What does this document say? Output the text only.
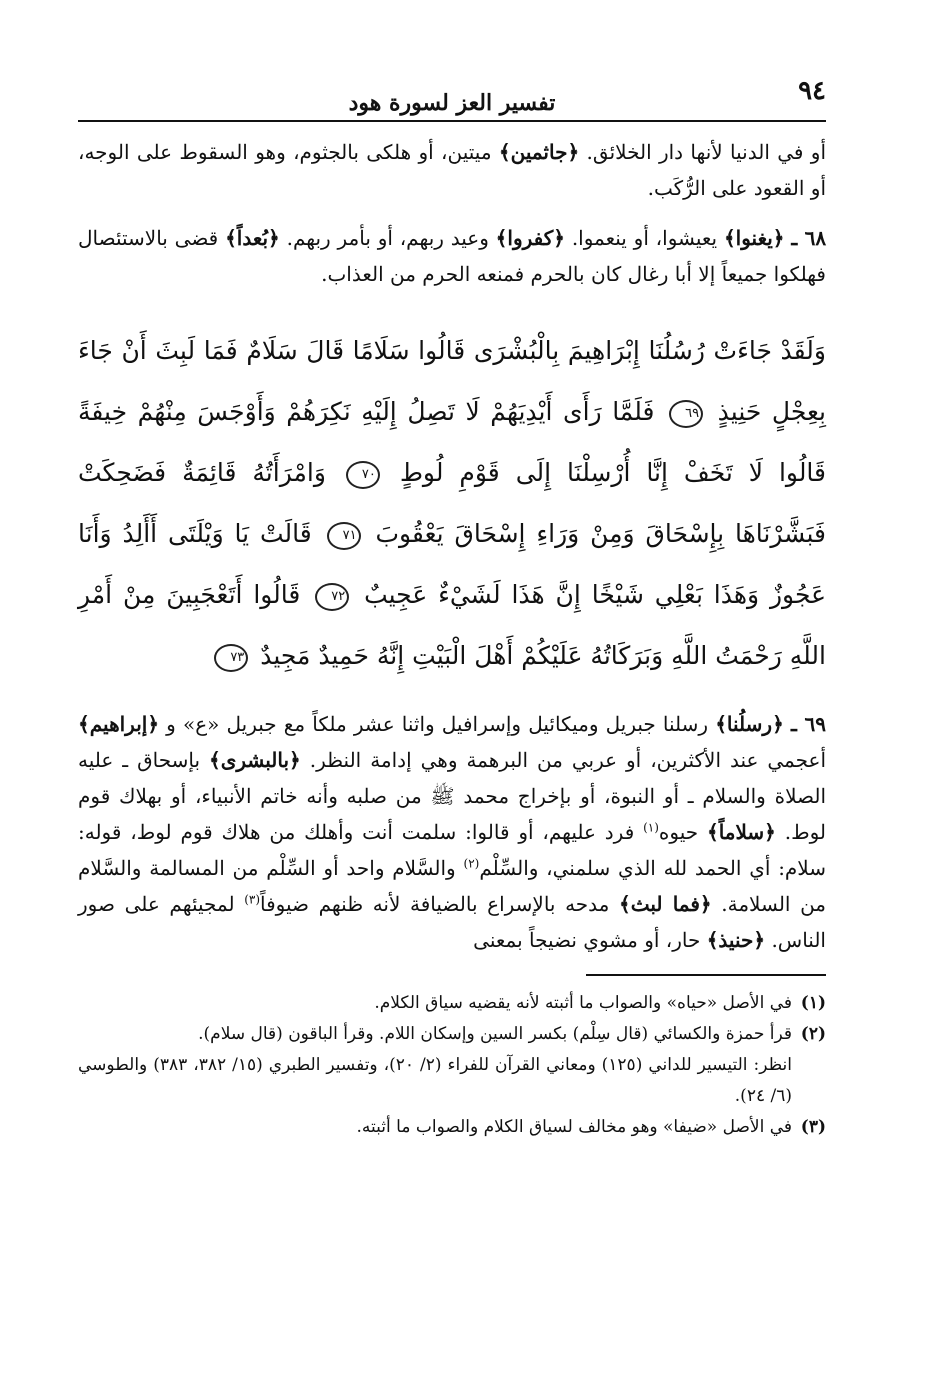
٩٤
تفسير العز لسورة هود

أو في الدنيا لأنها دار الخلائق. ﴿جاثمين﴾ ميتين، أو هلكى بالجثوم، وهو السقوط على الوجه، أو القعود على الرُّكَب.

٦٨ ـ ﴿يغنوا﴾ يعيشوا، أو ينعموا. ﴿كفروا﴾ وعيد ربهم، أو بأمر ربهم. ﴿بُعداً﴾ قضى بالاستئصال فهلكوا جميعاً إلا أبا رغال كان بالحرم فمنعه الحرم من العذاب.

وَلَقَدْ جَاءَتْ رُسُلُنَا إِبْرَاهِيمَ بِالْبُشْرَى قَالُوا سَلَامًا قَالَ سَلَامٌ فَمَا لَبِثَ أَنْ جَاءَ بِعِجْلٍ حَنِيذٍ ٦٩ فَلَمَّا رَأَى أَيْدِيَهُمْ لَا تَصِلُ إِلَيْهِ نَكِرَهُمْ وَأَوْجَسَ مِنْهُمْ خِيفَةً قَالُوا لَا تَخَفْ إِنَّا أُرْسِلْنَا إِلَى قَوْمِ لُوطٍ ٧٠ وَامْرَأَتُهُ قَائِمَةٌ فَضَحِكَتْ فَبَشَّرْنَاهَا بِإِسْحَاقَ وَمِنْ وَرَاءِ إِسْحَاقَ يَعْقُوبَ ٧١ قَالَتْ يَا وَيْلَتَى أَأَلِدُ وَأَنَا عَجُوزٌ وَهَذَا بَعْلِي شَيْخًا إِنَّ هَذَا لَشَيْءٌ عَجِيبٌ ٧٢ قَالُوا أَتَعْجَبِينَ مِنْ أَمْرِ اللَّهِ رَحْمَتُ اللَّهِ وَبَرَكَاتُهُ عَلَيْكُمْ أَهْلَ الْبَيْتِ إِنَّهُ حَمِيدٌ مَجِيدٌ ٧٣

٦٩ ـ ﴿رسلُنا﴾ رسلنا جبريل وميكائيل وإسرافيل واثنا عشر ملكاً مع جبريل «ع» و ﴿إبراهيم﴾ أعجمي عند الأكثرين، أو عربي من البرهمة وهي إدامة النظر. ﴿بالبشرى﴾ بإسحاق ـ عليه الصلاة والسلام ـ أو النبوة، أو بإخراج محمد ﷺ من صلبه وأنه خاتم الأنبياء، أو بهلاك قوم لوط. ﴿سلاماً﴾ حيوه$^{(١)}$ فرد عليهم، أو قالوا: سلمت أنت وأهلك من هلاك قوم لوط، قوله: سلام: أي الحمد لله الذي سلمني، والسِّلْم$^{(٢)}$ والسَّلام واحد أو السِّلْم من المسالمة والسَّلام من السلامة. ﴿فما لبث﴾ مدحه بالإسراع بالضيافة لأنه ظنهم ضيوفاً$^{(٣)}$ لمجيئهم على صور الناس. ﴿حنيذ﴾ حار، أو مشوي نضيجاً بمعنى

(١)في الأصل «حياه» والصواب ما أثبته لأنه يقضيه سياق الكلام.

(٢)قرأ حمزة والكسائي (قال سِلْم) بكسر السين وإسكان اللام. وقرأ الباقون (قال سلام).

انظر: التيسير للداني (١٢٥) ومعاني القرآن للفراء (٢/ ٢٠)، وتفسير الطبري (١٥/ ٣٨٢، ٣٨٣) والطوسي (٦/ ٢٤).

(٣)في الأصل «ضيفا» وهو مخالف لسياق الكلام والصواب ما أثبته.
